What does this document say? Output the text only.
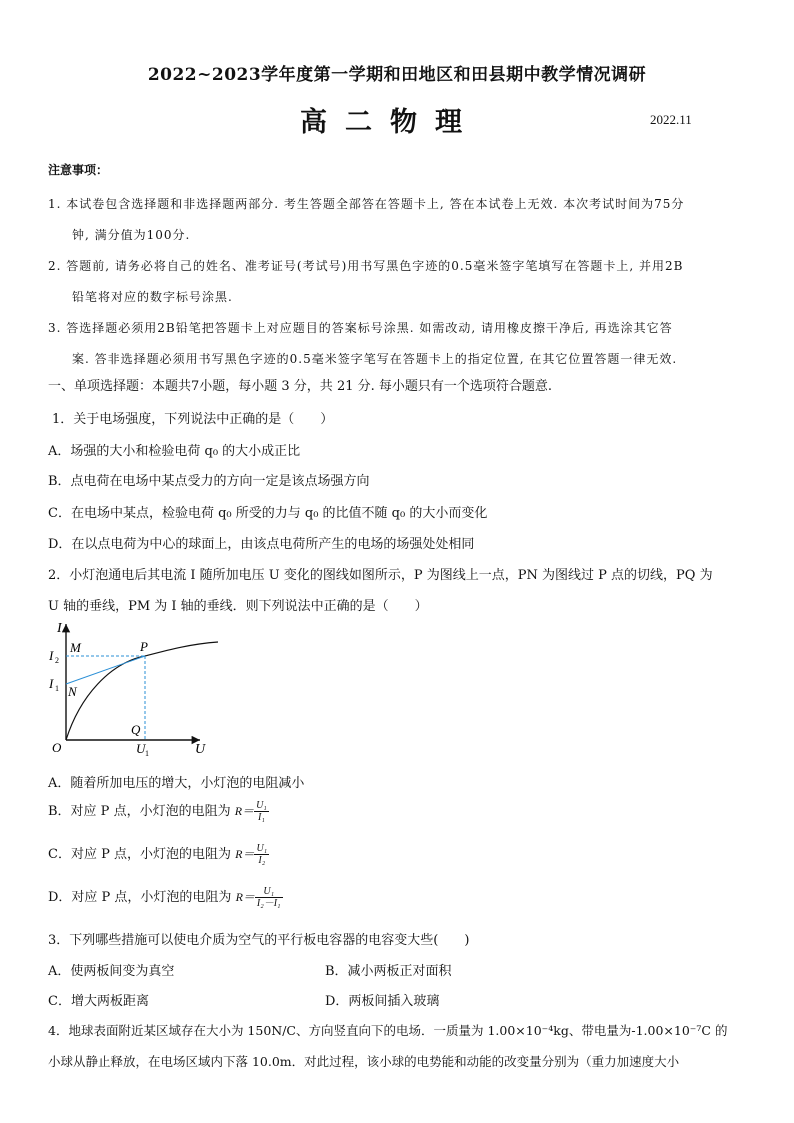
2022~2023学年度第一学期和田地区和田县期中教学情况调研
高二物理	2022.11
注意事项：
1. 本试卷包含选择题和非选择题两部分. 考生答题全部答在答题卡上, 答在本试卷上无效. 本次考试时间为75分
钟, 满分值为100分.
2. 答题前, 请务必将自己的姓名、准考证号(考试号)用书写黑色字迹的0.5毫米签字笔填写在答题卡上, 并用2B
铅笔将对应的数字标号涂黑.
3. 答选择题必须用2B铅笔把答题卡上对应题目的答案标号涂黑. 如需改动, 请用橡皮擦干净后, 再选涂其它答
案. 答非选择题必须用书写黑色字迹的0.5毫米签字笔写在答题卡上的指定位置, 在其它位置答题一律无效.
一、单项选择题：本题共7小题，每小题 3 分，共 21 分. 每小题只有一个选项符合题意.
1．关于电场强度，下列说法中正确的是（　　）
A．场强的大小和检验电荷 q₀ 的大小成正比
B．点电荷在电场中某点受力的方向一定是该点场强方向
C．在电场中某点，检验电荷 q₀ 所受的力与 q₀ 的比值不随 q₀ 的大小而变化
D．在以点电荷为中心的球面上，由该点电荷所产生的电场的场强处处相同
2．小灯泡通电后其电流 I 随所加电压 U 变化的图线如图所示，P 为图线上一点，PN 为图线过 P 点的切线，PQ 为
U 轴的垂线，PM 为 I 轴的垂线．则下列说法中正确的是（　　）
I
M
I 2
I 1 N
P
Q
O	U 1	U
A．随着所加电压的增大，小灯泡的电阻减小
B．对应 P 点，小灯泡的电阻为 $R= \frac{\text{U₁}}{\text{I₁}}$
C．对应 P 点，小灯泡的电阻为 $R= \frac{\text{U₁}}{\text{I₂}}$
D．对应 P 点，小灯泡的电阻为 $R= \frac{\text{U₁}}{\text{I₂－I₁}}$
3．下列哪些措施可以使电介质为空气的平行板电容器的电容变大些(　　)
A．使两板间变为真空	B．减小两板正对面积
C．增大两板距离	D．两板间插入玻璃
4．地球表面附近某区域存在大小为 150N/C、方向竖直向下的电场．一质量为 1.00×10⁻⁴kg、带电量为-1.00×10⁻⁷C 的
小球从静止释放，在电场区域内下落 10.0m．对此过程，该小球的电势能和动能的改变量分别为（重力加速度大小
